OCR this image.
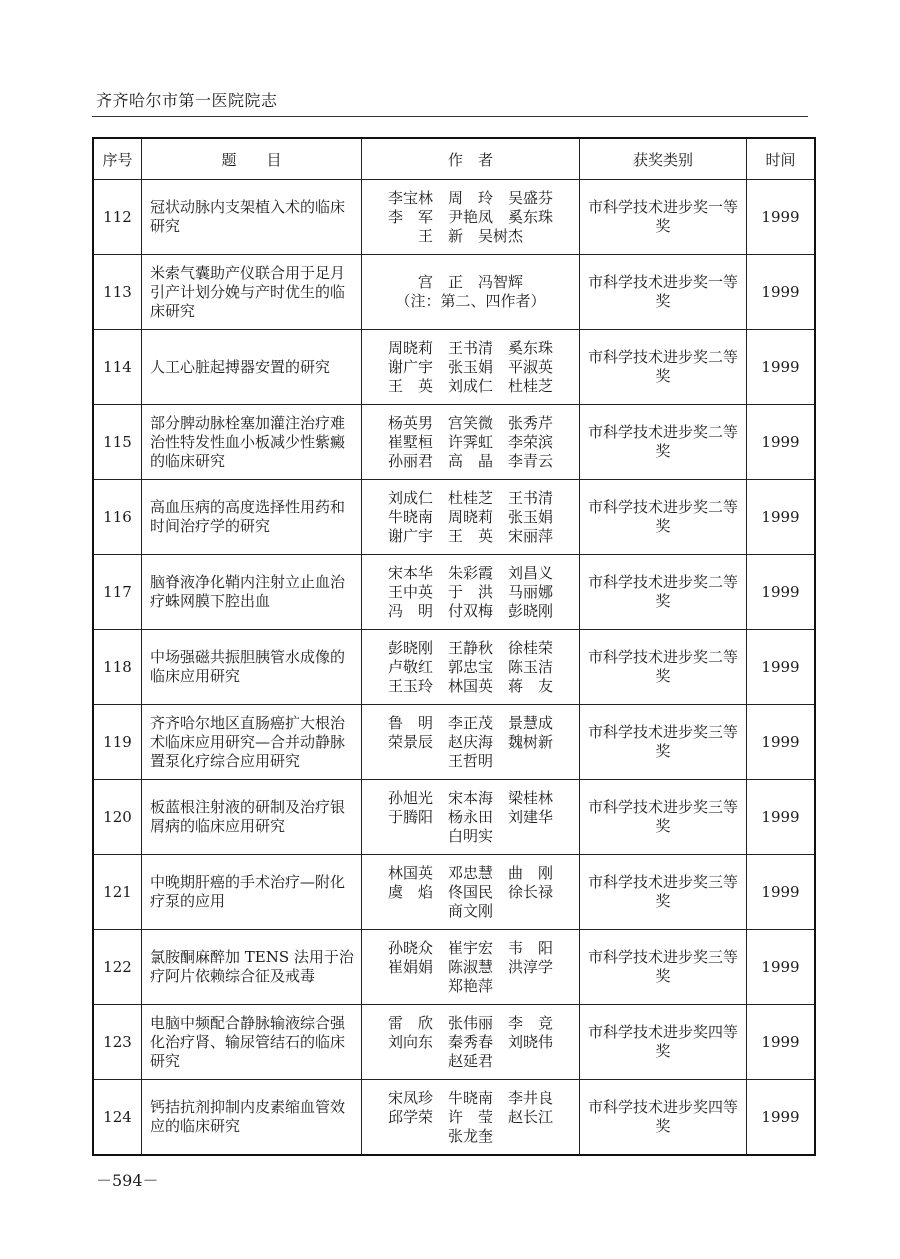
齐齐哈尔市第一医院院志
序号	题　　目	作　者	获奖类别	时间
112	冠状动脉内支架植入术的临床研究	李宝林　周　玲　吴盛芬
李　军　尹艳凤　奚东珠
王　新　吴树杰	市科学技术进步奖一等奖	1999
113	米索气囊助产仪联合用于足月引产计划分娩与产时优生的临床研究	宫　正　冯智辉
（注：第二、四作者）	市科学技术进步奖一等奖	1999
114	人工心脏起搏器安置的研究	周晓莉　王书清　奚东珠
谢广宇　张玉娟　平淑英
王　英　刘成仁　杜桂芝	市科学技术进步奖二等奖	1999
115	部分脾动脉栓塞加灌注治疗难治性特发性血小板减少性紫癜的临床研究	杨英男　宫笑微　张秀芹
崔墅桓　许霁虹　李荣滨
孙丽君　高　晶　李青云	市科学技术进步奖二等奖	1999
116	高血压病的高度选择性用药和时间治疗学的研究	刘成仁　杜桂芝　王书清
牛晓南　周晓莉　张玉娟
谢广宇　王　英　宋丽萍	市科学技术进步奖二等奖	1999
117	脑脊液净化鞘内注射立止血治疗蛛网膜下腔出血	宋本华　朱彩霞　刘昌义
王中英　于　洪　马丽娜
冯　明　付双梅　彭晓刚	市科学技术进步奖二等奖	1999
118	中场强磁共振胆胰管水成像的临床应用研究	彭晓刚　王静秋　徐桂荣
卢敬红　郭忠宝　陈玉洁
王玉玲　林国英　蒋　友	市科学技术进步奖二等奖	1999
119	齐齐哈尔地区直肠癌扩大根治术临床应用研究—合并动静脉置泵化疗综合应用研究	鲁　明　李正茂　景慧成
荣景辰　赵庆海　魏树新
王哲明	市科学技术进步奖三等奖	1999
120	板蓝根注射液的研制及治疗银屑病的临床应用研究	孙旭光　宋本海　梁桂林
于腾阳　杨永田　刘建华
白明实	市科学技术进步奖三等奖	1999
121	中晚期肝癌的手术治疗—附化疗泵的应用	林国英　邓忠慧　曲　刚
虞　焰　佟国民　徐长禄
商文刚	市科学技术进步奖三等奖	1999
122	氯胺酮麻醉加 TENS 法用于治疗阿片依赖综合征及戒毒	孙晓众　崔宇宏　韦　阳
崔娟娟　陈淑慧　洪淳学
郑艳萍	市科学技术进步奖三等奖	1999
123	电脑中频配合静脉输液综合强化治疗肾、输尿管结石的临床研究	雷　欣　张伟丽　李　竞
刘向东　秦秀春　刘晓伟
赵延君	市科学技术进步奖四等奖	1999
124	钙拮抗剂抑制内皮素缩血管效应的临床研究	宋凤珍　牛晓南　李井良
邱学荣　许　莹　赵长江
张龙奎	市科学技术进步奖四等奖	1999
－594－
